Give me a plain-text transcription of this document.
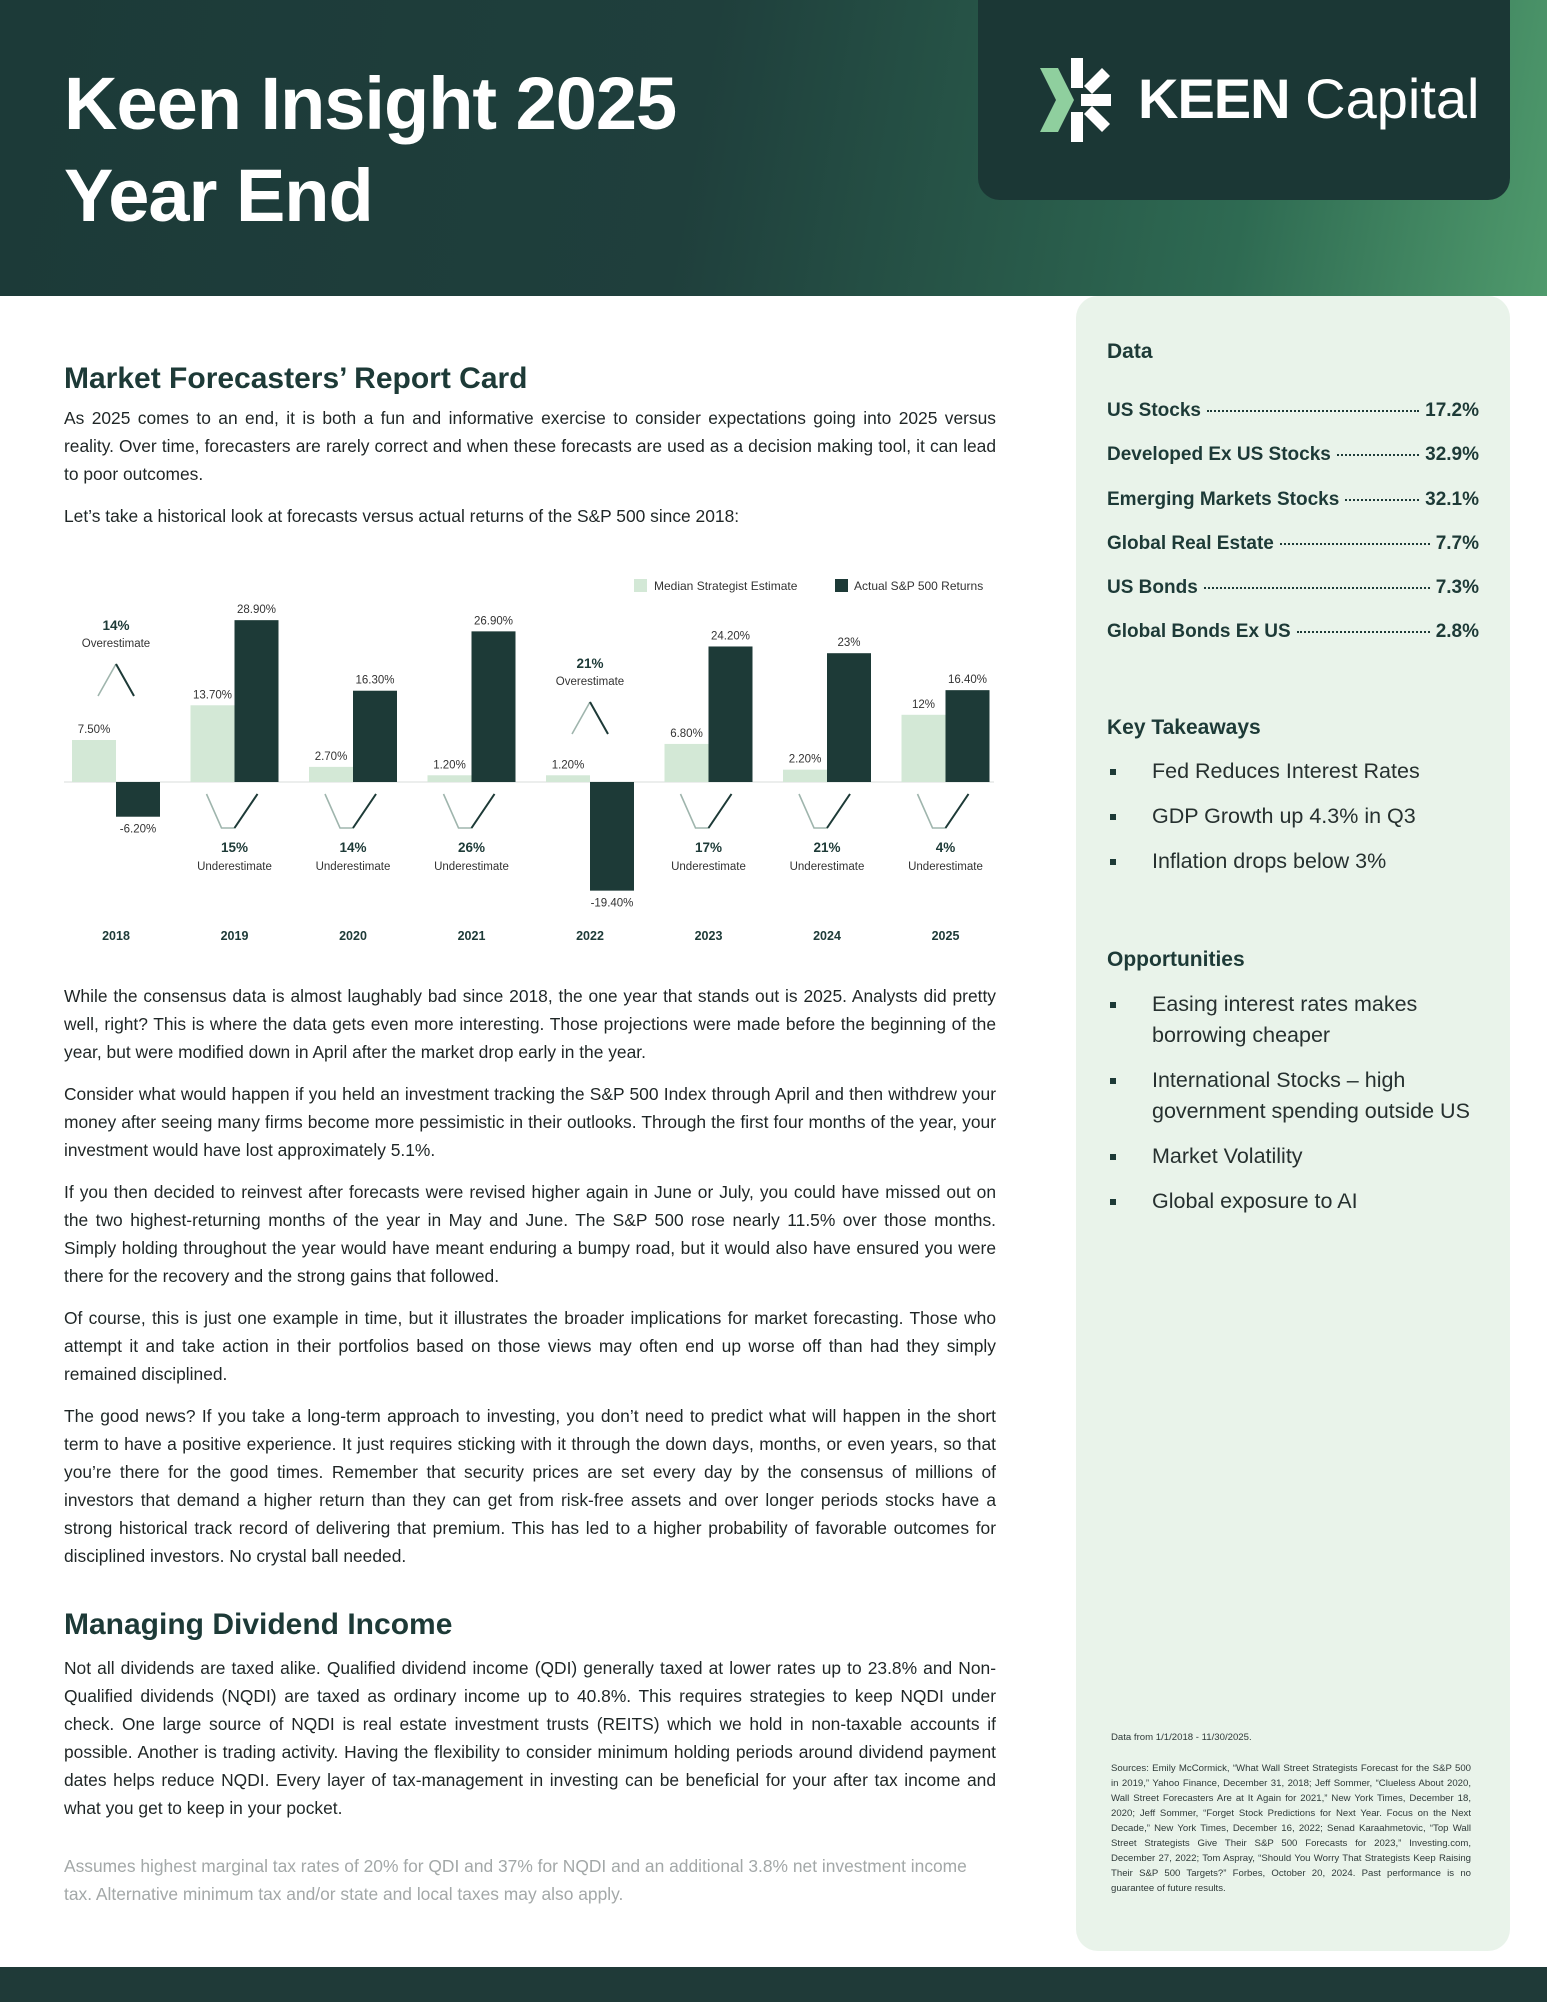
Keen Insight 2025
Year End
KEEN Capital
Market Forecasters’ Report Card

As 2025 comes to an end, it is both a fun and informative exercise to consider expectations going into 2025 versus reality. Over time, forecasters are rarely correct and when these forecasts are used as a decision making tool, it can lead to poor outcomes.

Let’s take a historical look at forecasts versus actual returns of the S&P 500 since 2018:

Median Strategist Estimate	Actual S&P 500 Returns
7.50%
-6.20%
2018
14%
Overestimate
13.70%
28.90%
2019
15%
Underestimate
2.70%
16.30%
2020
14%
Underestimate
1.20%
26.90%
2021
26%
Underestimate
1.20%
-19.40%
2022
21%
Overestimate
6.80%
24.20%
2023
17%
Underestimate
2.20%
23%
2024
21%
Underestimate
12%
16.40%
2025
4%
Underestimate

While the consensus data is almost laughably bad since 2018, the one year that stands out is 2025. Analysts did pretty well, right? This is where the data gets even more interesting. Those projections were made before the beginning of the year, but were modified down in April after the market drop early in the year.

Consider what would happen if you held an investment tracking the S&P 500 Index through April and then withdrew your money after seeing many firms become more pessimistic in their outlooks. Through the first four months of the year, your investment would have lost approximately 5.1%.

If you then decided to reinvest after forecasts were revised higher again in June or July, you could have missed out on the two highest-returning months of the year in May and June. The S&P 500 rose nearly 11.5% over those months. Simply holding throughout the year would have meant enduring a bumpy road, but it would also have ensured you were there for the recovery and the strong gains that followed.

Of course, this is just one example in time, but it illustrates the broader implications for market forecasting. Those who attempt it and take action in their portfolios based on those views may often end up worse off than had they simply remained disciplined.

The good news? If you take a long-term approach to investing, you don’t need to predict what will happen in the short term to have a positive experience. It just requires sticking with it through the down days, months, or even years, so that you’re there for the good times. Remember that security prices are set every day by the consensus of millions of investors that demand a higher return than they can get from risk-free assets and over longer periods stocks have a strong historical track record of delivering that premium. This has led to a higher probability of favorable outcomes for disciplined investors. No crystal ball needed.

Managing Dividend Income

Not all dividends are taxed alike. Qualified dividend income (QDI) generally taxed at lower rates up to 23.8% and Non-Qualified dividends (NQDI) are taxed as ordinary income up to 40.8%. This requires strategies to keep NQDI under check. One large source of NQDI is real estate investment trusts (REITS) which we hold in non-taxable accounts if possible. Another is trading activity. Having the flexibility to consider minimum holding periods around dividend payment dates helps reduce NQDI. Every layer of tax-management in investing can be beneficial for your after tax income and what you get to keep in your pocket.

Assumes highest marginal tax rates of 20% for QDI and 37% for NQDI and an additional 3.8% net investment income tax. Alternative minimum tax and/or state and local taxes may also apply.
Data
US Stocks	17.2%
Developed Ex US Stocks	32.9%
Emerging Markets Stocks	32.1%
Global Real Estate	7.7%
US Bonds	7.3%
Global Bonds Ex US	2.8%
Key Takeaways
Fed Reduces Interest Rates
GDP Growth up 4.3% in Q3
Inflation drops below 3%
Opportunities
Easing interest rates makes borrowing cheaper
International Stocks – high government spending outside US
Market Volatility
Global exposure to AI
Data from 1/1/2018 - 11/30/2025.
Sources: Emily McCormick, “What Wall Street Strategists Forecast for the S&P 500 in 2019,” Yahoo Finance, December 31, 2018; Jeff Sommer, “Clueless About 2020, Wall Street Forecasters Are at It Again for 2021,” New York Times, December 18, 2020; Jeff Sommer, “Forget Stock Predictions for Next Year. Focus on the Next Decade,” New York Times, December 16, 2022; Senad Karaahmetovic, “Top Wall Street Strategists Give Their S&P 500 Forecasts for 2023,” Investing.com, December 27, 2022; Tom Aspray, “Should You Worry That Strategists Keep Raising Their S&P 500 Targets?” Forbes, October 20, 2024. Past performance is no guarantee of future results.
